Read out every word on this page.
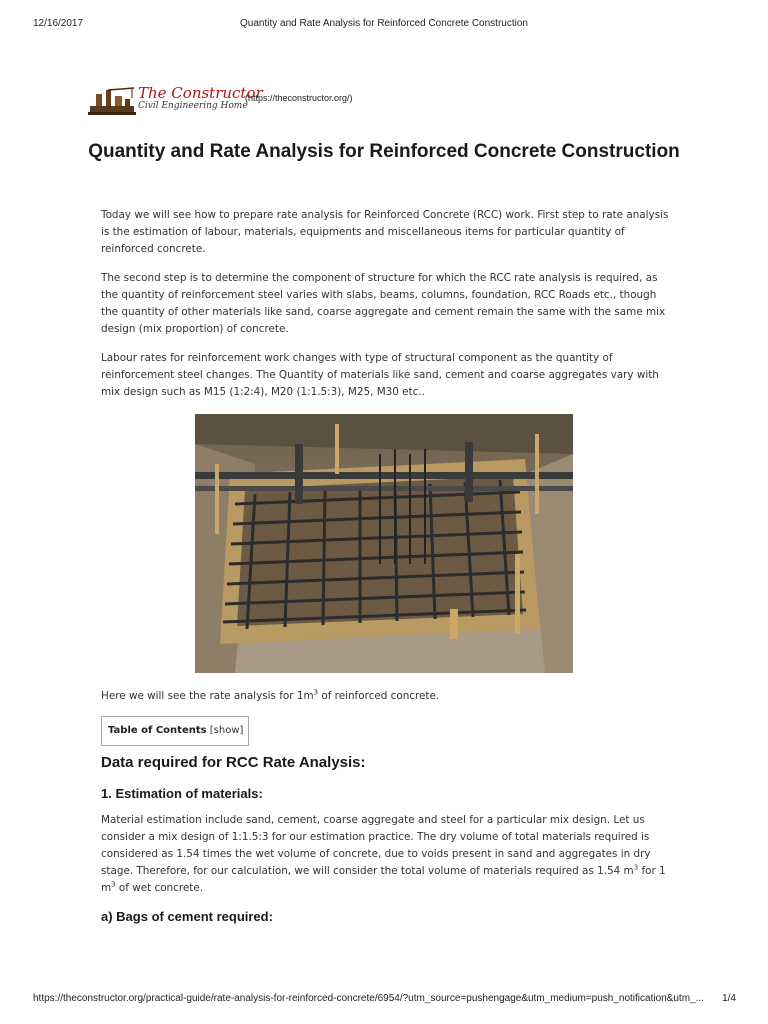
12/16/2017	Quantity and Rate Analysis for Reinforced Concrete Construction
The Constructor
Civil Engineering Home
(https://theconstructor.org/)
Quantity and Rate Analysis for Reinforced Concrete Construction

Today we will see how to prepare rate analysis for Reinforced Concrete (RCC) work. First step to rate analysis is the estimation of labour, materials, equipments and miscellaneous items for particular quantity of reinforced concrete.

The second step is to determine the component of structure for which the RCC rate analysis is required, as the quantity of reinforcement steel varies with slabs, beams, columns, foundation, RCC Roads etc., though the quantity of other materials like sand, coarse aggregate and cement remain the same with the same mix design (mix proportion) of concrete.

Labour rates for reinforcement work changes with type of structural component as the quantity of reinforcement steel changes. The Quantity of materials like sand, cement and coarse aggregates vary with mix design such as M15 (1:2:4), M20 (1:1.5:3), M25, M30 etc..

Here we will see the rate analysis for $1m^3$ of reinforced concrete.

Table of Contents [show]
Data required for RCC Rate Analysis:
1. Estimation of materials:

Material estimation include sand, cement, coarse aggregate and steel for a particular mix design. Let us consider a mix design of 1:1.5:3 for our estimation practice. The dry volume of total materials required is considered as 1.54 times the wet volume of concrete, due to voids present in sand and aggregates in dry stage. Therefore, for our calculation, we will consider the total volume of materials required as 1.54 $m^3$ for 1 $m^3$ of wet concrete.

a) Bags of cement required:
https://theconstructor.org/practical-guide/rate-analysis-for-reinforced-concrete/6954/?utm_source=pushengage&utm_medium=push_notification&utm_...	1/4
